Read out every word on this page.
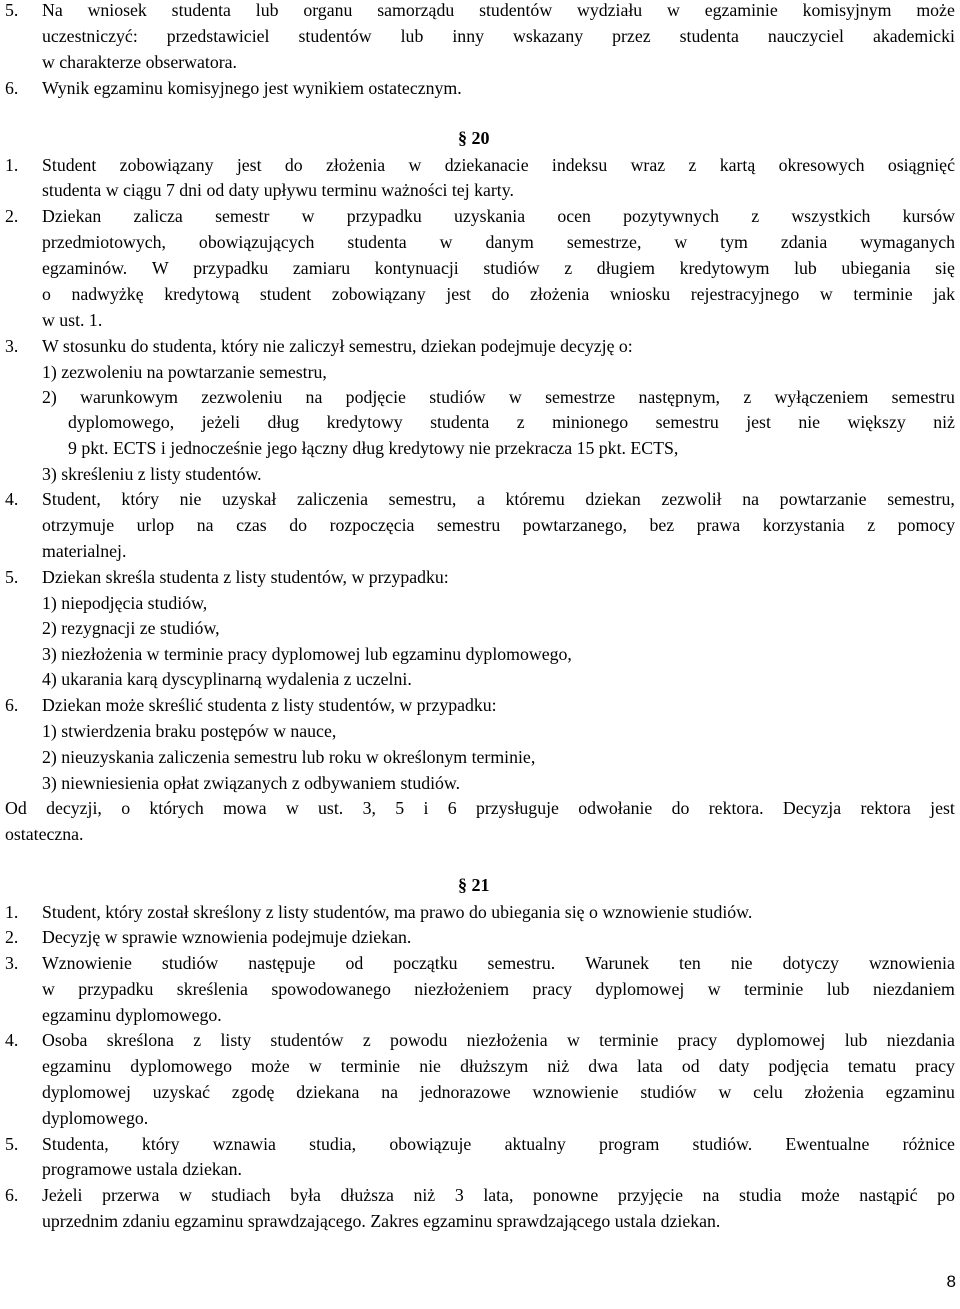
5. Na wniosek studenta lub organu samorządu studentów wydziału w egzaminie komisyjnym może
uczestniczyć: przedstawiciel studentów lub inny wskazany przez studenta nauczyciel akademicki
w charakterze obserwatora.
6. Wynik egzaminu komisyjnego jest wynikiem ostatecznym.
§ 20
1. Student zobowiązany jest do złożenia w dziekanacie indeksu wraz z kartą okresowych osiągnięć
studenta w ciągu 7 dni od daty upływu terminu ważności tej karty.
2. Dziekan zalicza semestr w przypadku uzyskania ocen pozytywnych z wszystkich kursów
przedmiotowych, obowiązujących studenta w danym semestrze, w tym zdania wymaganych
egzaminów. W przypadku zamiaru kontynuacji studiów z długiem kredytowym lub ubiegania się
o nadwyżkę kredytową student zobowiązany jest do złożenia wniosku rejestracyjnego w terminie jak
w ust. 1.
3. W stosunku do studenta, który nie zaliczył semestru, dziekan podejmuje decyzję o:
1) zezwoleniu na powtarzanie semestru,
2) warunkowym zezwoleniu na podjęcie studiów w semestrze następnym, z wyłączeniem semestru
dyplomowego, jeżeli dług kredytowy studenta z minionego semestru jest nie większy niż
9 pkt. ECTS i jednocześnie jego łączny dług kredytowy nie przekracza 15 pkt. ECTS,
3) skreśleniu z listy studentów.
4. Student, który nie uzyskał zaliczenia semestru, a któremu dziekan zezwolił na powtarzanie semestru,
otrzymuje urlop na czas do rozpoczęcia semestru powtarzanego, bez prawa korzystania z pomocy
materialnej.
5. Dziekan skreśla studenta z listy studentów, w przypadku:
1) niepodjęcia studiów,
2) rezygnacji ze studiów,
3) niezłożenia w terminie pracy dyplomowej lub egzaminu dyplomowego,
4) ukarania karą dyscyplinarną wydalenia z uczelni.
6. Dziekan może skreślić studenta z listy studentów, w przypadku:
1) stwierdzenia braku postępów w nauce,
2) nieuzyskania zaliczenia semestru lub roku w określonym terminie,
3) niewniesienia opłat związanych z odbywaniem studiów.
Od decyzji, o których mowa w ust. 3, 5 i 6 przysługuje odwołanie do rektora. Decyzja rektora jest
ostateczna.
§ 21
1. Student, który został skreślony z listy studentów, ma prawo do ubiegania się o wznowienie studiów.
2. Decyzję w sprawie wznowienia podejmuje dziekan.
3. Wznowienie studiów następuje od początku semestru. Warunek ten nie dotyczy wznowienia
w przypadku skreślenia spowodowanego niezłożeniem pracy dyplomowej w terminie lub niezdaniem
egzaminu dyplomowego.
4. Osoba skreślona z listy studentów z powodu niezłożenia w terminie pracy dyplomowej lub niezdania
egzaminu dyplomowego może w terminie nie dłuższym niż dwa lata od daty podjęcia tematu pracy
dyplomowej uzyskać zgodę dziekana na jednorazowe wznowienie studiów w celu złożenia egzaminu
dyplomowego.
5. Studenta, który wznawia studia, obowiązuje aktualny program studiów. Ewentualne różnice
programowe ustala dziekan.
6. Jeżeli przerwa w studiach była dłuższa niż 3 lata, ponowne przyjęcie na studia może nastąpić po
uprzednim zdaniu egzaminu sprawdzającego. Zakres egzaminu sprawdzającego ustala dziekan.
8
